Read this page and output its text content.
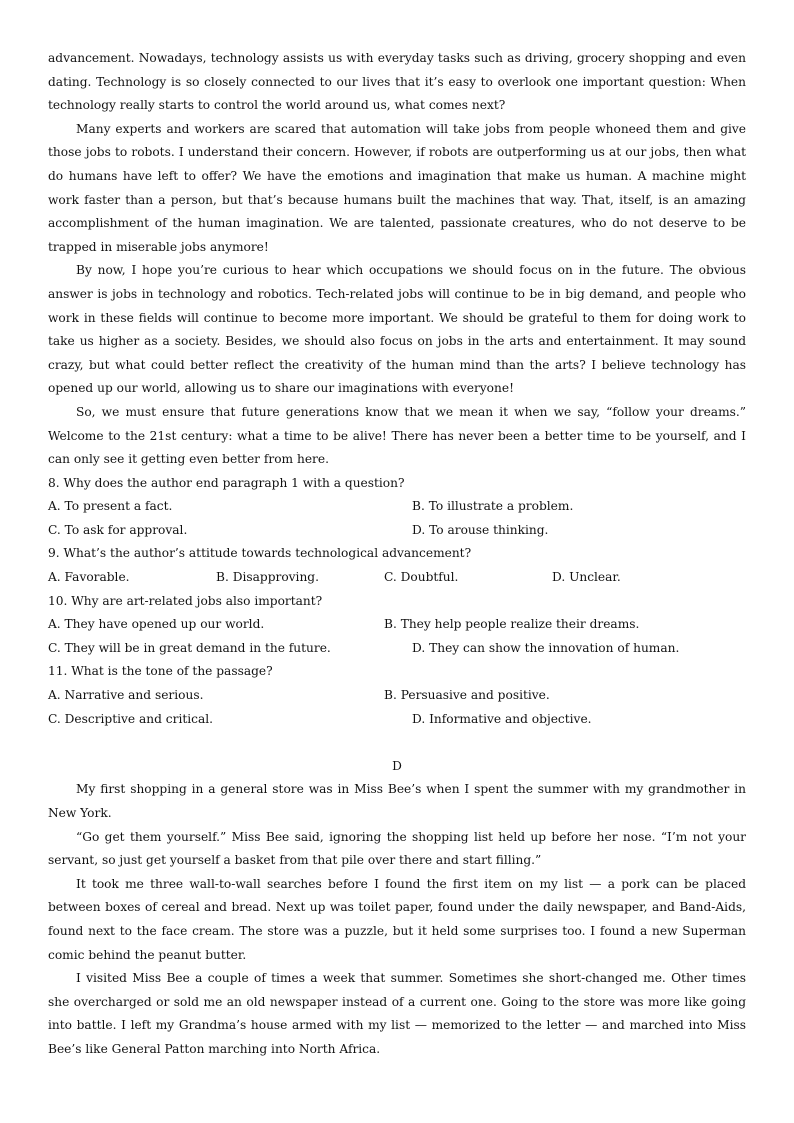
advancement. Nowadays, technology assists us with everyday tasks such as driving, grocery shopping and even dating. Technology is so closely connected to our lives that it’s easy to overlook one important question: When technology really starts to control the world around us, what comes next?

Many experts and workers are scared that automation will take jobs from people whoneed them and give those jobs to robots. I understand their concern. However, if robots are outperforming us at our jobs, then what do humans have left to offer? We have the emotions and imagination that make us human. A machine might work faster than a person, but that’s because humans built the machines that way. That, itself, is an amazing accomplishment of the human imagination. We are talented, passionate creatures, who do not deserve to be trapped in miserable jobs anymore!

By now, I hope you’re curious to hear which occupations we should focus on in the future. The obvious answer is jobs in technology and robotics. Tech-related jobs will continue to be in big demand, and people who work in these fields will continue to become more important. We should be grateful to them for doing work to take us higher as a society. Besides, we should also focus on jobs in the arts and entertainment. It may sound crazy, but what could better reflect the creativity of the human mind than the arts? I believe technology has opened up our world, allowing us to share our imaginations with everyone!

So, we must ensure that future generations know that we mean it when we say, “follow your dreams.” Welcome to the 21st century: what a time to be alive! There has never been a better time to be yourself, and I can only see it getting even better from here.

8. Why does the author end paragraph 1 with a question?

A. To present a fact.	B. To illustrate a problem.
C. To ask for approval.	D. To arouse thinking.

9. What’s the author’s attitude towards technological advancement?

A. Favorable.	B. Disapproving.	C. Doubtful.	D. Unclear.

10. Why are art-related jobs also important?

A. They have opened up our world.	B. They help people realize their dreams.
C. They will be in great demand in the future.	D. They can show the innovation of human.

11. What is the tone of the passage?

A. Narrative and serious.	B. Persuasive and positive.
C. Descriptive and critical.	D. Informative and objective.

D

My first shopping in a general store was in Miss Bee’s when I spent the summer with my grandmother in New York.

“Go get them yourself.” Miss Bee said, ignoring the shopping list held up before her nose. “I’m not your servant, so just get yourself a basket from that pile over there and start filling.”

It took me three wall-to-wall searches before I found the first item on my list — a pork can be placed between boxes of cereal and bread. Next up was toilet paper, found under the daily newspaper, and Band-Aids, found next to the face cream. The store was a puzzle, but it held some surprises too. I found a new Superman comic behind the peanut butter.

I visited Miss Bee a couple of times a week that summer. Sometimes she short-changed me. Other times she overcharged or sold me an old newspaper instead of a current one. Going to the store was more like going into battle. I left my Grandma’s house armed with my list — memorized to the letter — and marched into Miss Bee’s like General Patton marching into North Africa.
